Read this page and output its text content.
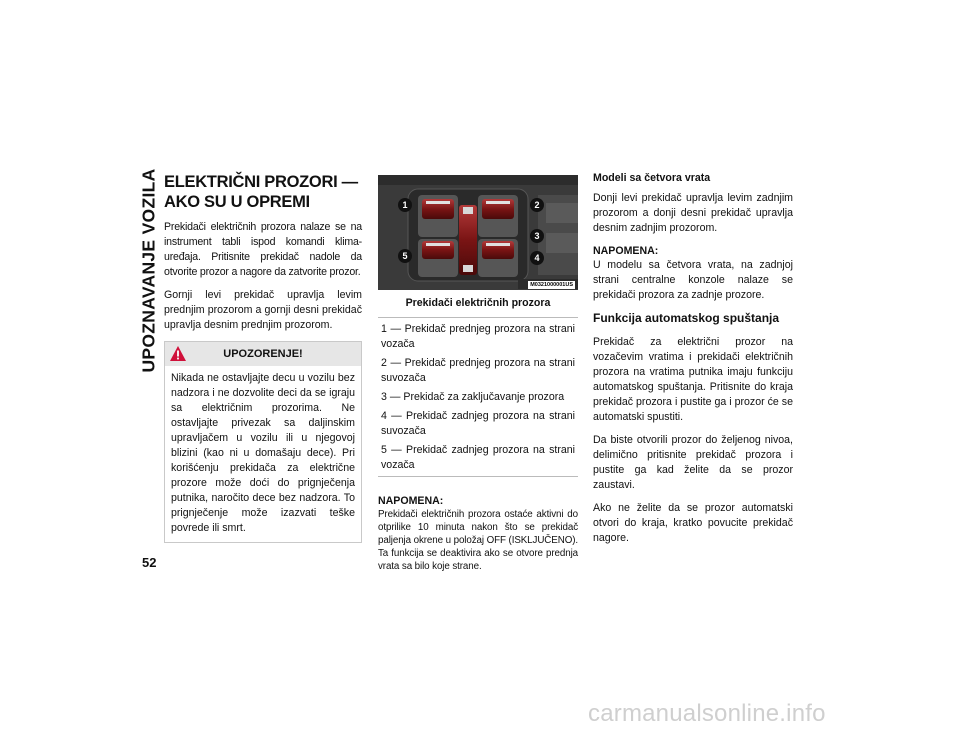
UPOZNAVANJE VOZILA
52
ELEKTRIČNI PROZORI — AKO SU U OPREMI

Prekidači električnih prozora nalaze se na instrument tabli ispod komandi klima-uređaja. Pritisnite prekidač nadole da otvorite prozor a nagore da zatvorite prozor.

Gornji levi prekidač upravlja levim prednjim prozorom a gornji desni prekidač upravlja desnim prednjim prozorom.

UPOZORENJE!
Nikada ne ostavljajte decu u vozilu bez nadzora i ne dozvolite deci da se igraju sa električnim prozorima. Ne ostavljajte privezak sa daljinskim upravljačem u vozilu ili u njegovoj blizini (kao ni u domašaju dece). Pri korišćenju prekidača za električne prozore može doći do prignječenja putnika, naročito dece bez nadzora. To prignječenje može izazvati teške povrede ili smrt.
1	2
3
4
5
M0321000001US
Prekidači električnih prozora
1 — Prekidač prednjeg prozora na strani vozača
2 — Prekidač prednjeg prozora na strani suvozača
3 — Prekidač za zaključavanje prozora
4 — Prekidač zadnjeg prozora na strani suvozača
5 — Prekidač zadnjeg prozora na strani vozača
NAPOMENA:
Prekidači električnih prozora ostaće aktivni do otprilike 10 minuta nakon što se prekidač paljenja okrene u položaj OFF (ISKLJUČENO). Ta funkcija se deaktivira ako se otvore prednja vrata sa bilo koje strane.
Modeli sa četvora vrata

Donji levi prekidač upravlja levim zadnjim prozorom a donji desni prekidač upravlja desnim zadnjim prozorom.

NAPOMENA:

U modelu sa četvora vrata, na zadnjoj strani centralne konzole nalaze se prekidači prozora za zadnje prozore.

Funkcija automatskog spuštanja

Prekidač za električni prozor na vozačevim vratima i prekidači električnih prozora na vratima putnika imaju funkciju automatskog spuštanja. Pritisnite do kraja prekidač prozora i pustite ga i prozor će se automatski spustiti.

Da biste otvorili prozor do željenog nivoa, delimično pritisnite prekidač prozora i pustite ga kad želite da se prozor zaustavi.

Ako ne želite da se prozor automatski otvori do kraja, kratko povucite prekidač nagore.

carmanualsonline.info
